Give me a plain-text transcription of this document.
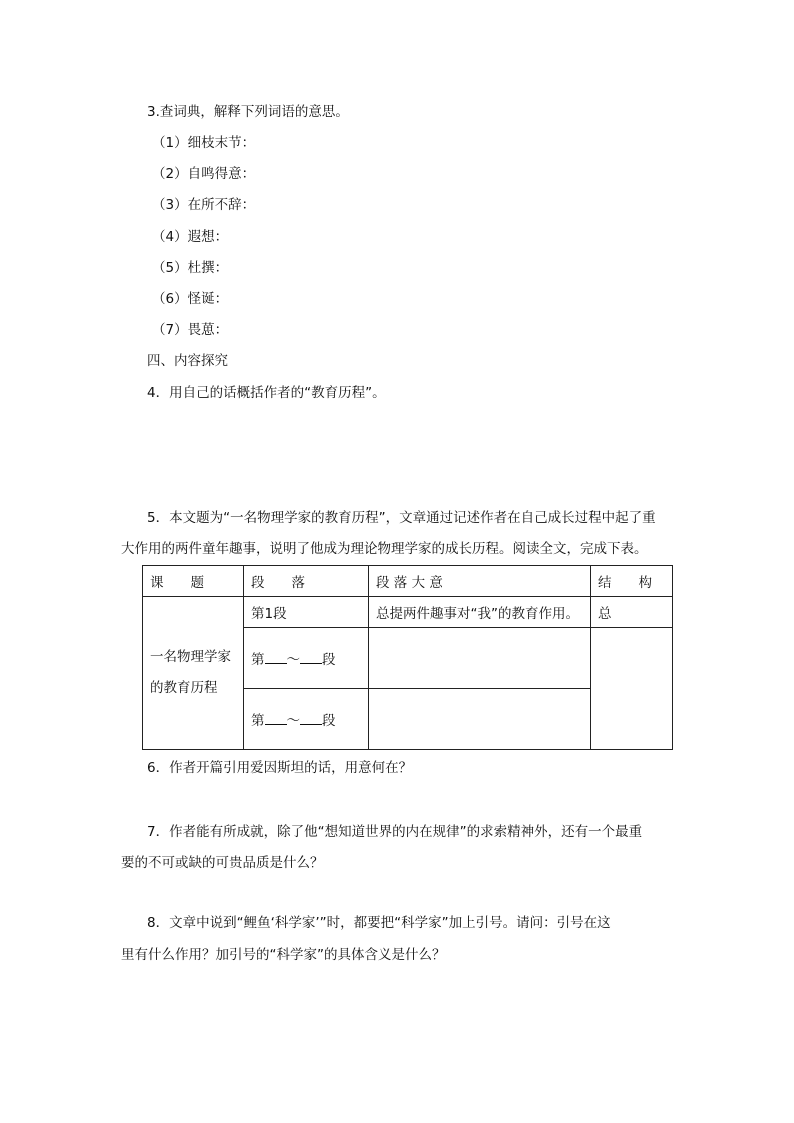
3.查词典，解释下列词语的意思。
（1）细枝末节：
（2）自鸣得意：
（3）在所不辞：
（4）遐想：
（5）杜撰：
（6）怪诞：
（7）畏葸：
四、内容探究
4．用自己的话概括作者的“教育历程”。
5．本文题为“一名物理学家的教育历程”，文章通过记述作者在自己成长过程中起了重
大作用的两件童年趣事，说明了他成为理论物理学家的成长历程。阅读全文，完成下表。
课　　题	段　　落	段 落 大 意	结　　构

一名物理学家
的教育历程	第1段	总提两件趣事对“我”的教育作用。	总
	第 ～ 段		
	第 ～ 段		
6．作者开篇引用爱因斯坦的话，用意何在？
7．作者能有所成就，除了他“想知道世界的内在规律”的求索精神外，还有一个最重
要的不可或缺的可贵品质是什么？
8．文章中说到“鲤鱼‘科学家’”时，都要把“科学家”加上引号。请问：引号在这
里有什么作用？加引号的“科学家”的具体含义是什么？
